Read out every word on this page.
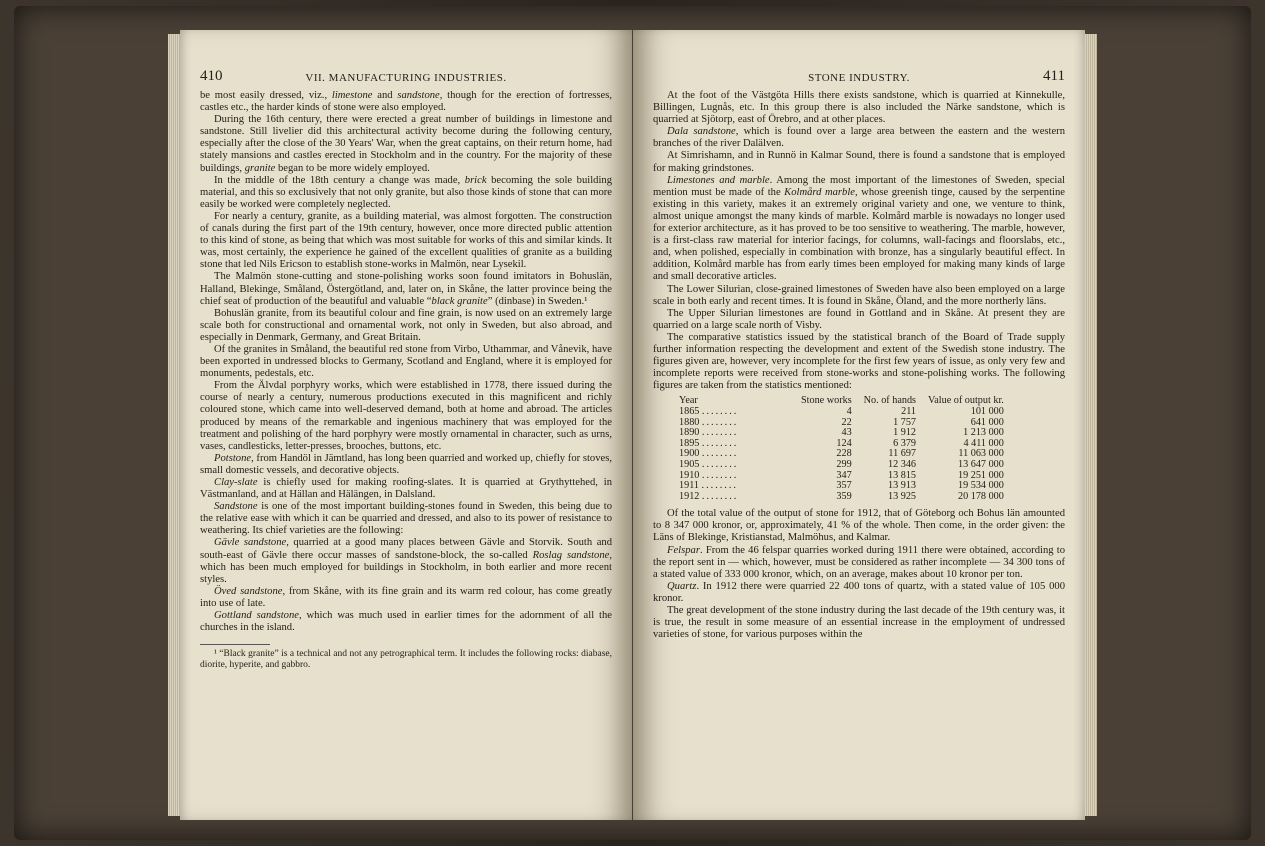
410	VII. MANUFACTURING INDUSTRIES.

be most easily dressed, viz., limestone and sandstone, though for the erection of fortresses, castles etc., the harder kinds of stone were also employed.

During the 16th century, there were erected a great number of buildings in limestone and sandstone. Still livelier did this architectural activity become during the following century, especially after the close of the 30 Years' War, when the great captains, on their return home, had stately mansions and castles erected in Stockholm and in the country. For the majority of these buildings, granite began to be more widely employed.

In the middle of the 18th century a change was made, brick becoming the sole building material, and this so exclusively that not only granite, but also those kinds of stone that can more easily be worked were completely neglected.

For nearly a century, granite, as a building material, was almost forgotten. The construction of canals during the first part of the 19th century, however, once more directed public attention to this kind of stone, as being that which was most suitable for works of this and similar kinds. It was, most certainly, the experience he gained of the excellent qualities of granite as a building stone that led Nils Ericson to establish stone-works in Malmön, near Lysekil.

The Malmön stone-cutting and stone-polishing works soon found imitators in Bohuslän, Halland, Blekinge, Småland, Östergötland, and, later on, in Skåne, the latter province being the chief seat of production of the beautiful and valuable “black granite” (dinbase) in Sweden.¹

Bohuslän granite, from its beautiful colour and fine grain, is now used on an extremely large scale both for constructional and ornamental work, not only in Sweden, but also abroad, and especially in Denmark, Germany, and Great Britain.

Of the granites in Småland, the beautiful red stone from Virbo, Uthammar, and Vånevik, have been exported in undressed blocks to Germany, Scotland and England, where it is employed for monuments, pedestals, etc.

From the Älvdal porphyry works, which were established in 1778, there issued during the course of nearly a century, numerous productions executed in this magnificent and richly coloured stone, which came into well-deserved demand, both at home and abroad. The articles produced by means of the remarkable and ingenious machinery that was employed for the treatment and polishing of the hard porphyry were mostly ornamental in character, such as urns, vases, candlesticks, letter-presses, brooches, buttons, etc.

Potstone, from Handöl in Jämtland, has long been quarried and worked up, chiefly for stoves, small domestic vessels, and decorative objects.

Clay-slate is chiefly used for making roofing-slates. It is quarried at Grythyttehed, in Västmanland, and at Hällan and Hälängen, in Dalsland.

Sandstone is one of the most important building-stones found in Sweden, this being due to the relative ease with which it can be quarried and dressed, and also to its power of resistance to weathering. Its chief varieties are the following:

Gävle sandstone, quarried at a good many places between Gävle and Storvik. South and south-east of Gävle there occur masses of sandstone-block, the so-called Roslag sandstone, which has been much employed for buildings in Stockholm, in both earlier and more recent styles.

Öved sandstone, from Skåne, with its fine grain and its warm red colour, has come greatly into use of late.

Gottland sandstone, which was much used in earlier times for the adornment of all the churches in the island.

¹ “Black granite” is a technical and not any petrographical term. It includes the following rocks: diabase, diorite, hyperite, and gabbro.
STONE INDUSTRY.	411

At the foot of the Västgöta Hills there exists sandstone, which is quarried at Kinnekulle, Billingen, Lugnås, etc. In this group there is also included the Närke sandstone, which is quarried at Sjötorp, east of Örebro, and at other places.

Dala sandstone, which is found over a large area between the eastern and the western branches of the river Dalälven.

At Simrishamn, and in Runnö in Kalmar Sound, there is found a sandstone that is employed for making grindstones.

Limestones and marble. Among the most important of the limestones of Sweden, special mention must be made of the Kolmård marble, whose greenish tinge, caused by the serpentine existing in this variety, makes it an extremely original variety and one, we venture to think, almost unique amongst the many kinds of marble. Kolmård marble is nowadays no longer used for exterior architecture, as it has proved to be too sensitive to weathering. The marble, however, is a first-class raw material for interior facings, for columns, wall-facings and floorslabs, etc., and, when polished, especially in combination with bronze, has a singularly beautiful effect. In addition, Kolmård marble has from early times been employed for making many kinds of large and small decorative articles.

The Lower Silurian, close-grained limestones of Sweden have also been employed on a large scale in both early and recent times. It is found in Skåne, Öland, and the more northerly läns.

The Upper Silurian limestones are found in Gottland and in Skåne. At present they are quarried on a large scale north of Visby.

The comparative statistics issued by the statistical branch of the Board of Trade supply further information respecting the development and extent of the Swedish stone industry. The figures given are, however, very incomplete for the first few years of issue, as only very few and incomplete reports were received from stone-works and stone-polishing works. The following figures are taken from the statistics mentioned:

Year	Stone works	No. of hands	Value of output kr.
1865 ........	4	211	101 000
1880 ........	22	1 757	641 000
1890 ........	43	1 912	1 213 000
1895 ........	124	6 379	4 411 000
1900 ........	228	11 697	11 063 000
1905 ........	299	12 346	13 647 000
1910 ........	347	13 815	19 251 000
1911 ........	357	13 913	19 534 000
1912 ........	359	13 925	20 178 000

Of the total value of the output of stone for 1912, that of Göteborg och Bohus län amounted to 8 347 000 kronor, or, approximately, 41 % of the whole. Then come, in the order given: the Läns of Blekinge, Kristianstad, Malmöhus, and Kalmar.

Felspar. From the 46 felspar quarries worked during 1911 there were obtained, according to the report sent in — which, however, must be considered as rather incomplete — 34 300 tons of a stated value of 333 000 kronor, which, on an average, makes about 10 kronor per ton.

Quartz. In 1912 there were quarried 22 400 tons of quartz, with a stated value of 105 000 kronor.

The great development of the stone industry during the last decade of the 19th century was, it is true, the result in some measure of an essential increase in the employment of undressed varieties of stone, for various purposes within the
